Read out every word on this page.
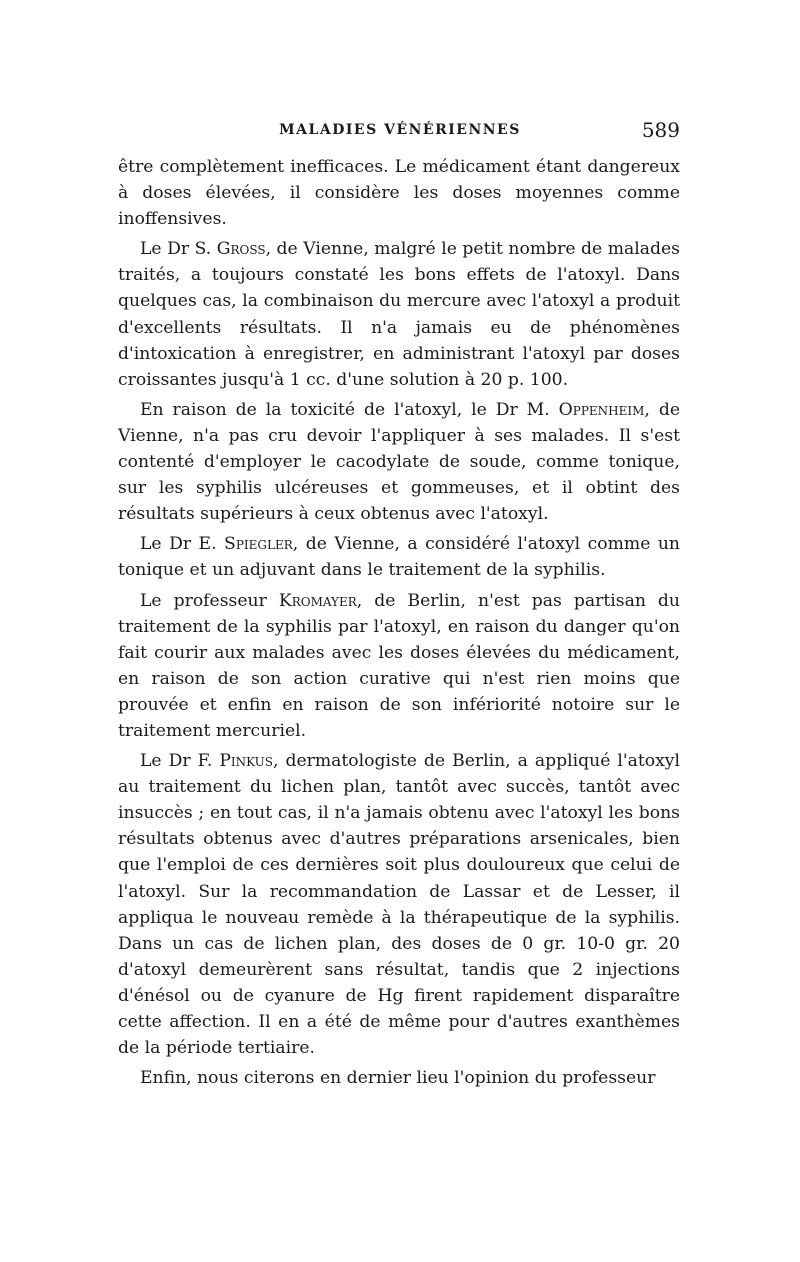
MALADIES VÉNÉRIENNES	589

être complètement inefficaces. Le médicament étant dangereux à doses élevées, il considère les doses moyennes comme inoffensives.

Le Dr S. Gross, de Vienne, malgré le petit nombre de malades traités, a toujours constaté les bons effets de l'atoxyl. Dans quelques cas, la combinaison du mercure avec l'atoxyl a produit d'excellents résultats. Il n'a jamais eu de phénomènes d'intoxication à enregistrer, en administrant l'atoxyl par doses croissantes jusqu'à 1 cc. d'une solution à 20 p. 100.

En raison de la toxicité de l'atoxyl, le Dr M. Oppenheim, de Vienne, n'a pas cru devoir l'appliquer à ses malades. Il s'est contenté d'employer le cacodylate de soude, comme tonique, sur les syphilis ulcéreuses et gommeuses, et il obtint des résultats supérieurs à ceux obtenus avec l'atoxyl.

Le Dr E. Spiegler, de Vienne, a considéré l'atoxyl comme un tonique et un adjuvant dans le traitement de la syphilis.

Le professeur Kromayer, de Berlin, n'est pas partisan du traitement de la syphilis par l'atoxyl, en raison du danger qu'on fait courir aux malades avec les doses élevées du médicament, en raison de son action curative qui n'est rien moins que prouvée et enfin en raison de son infériorité notoire sur le traitement mercuriel.

Le Dr F. Pinkus, dermatologiste de Berlin, a appliqué l'atoxyl au traitement du lichen plan, tantôt avec succès, tantôt avec insuccès ; en tout cas, il n'a jamais obtenu avec l'atoxyl les bons résultats obtenus avec d'autres préparations arsenicales, bien que l'emploi de ces dernières soit plus douloureux que celui de l'atoxyl. Sur la recommandation de Lassar et de Lesser, il appliqua le nouveau remède à la thérapeutique de la syphilis. Dans un cas de lichen plan, des doses de 0 gr. 10-0 gr. 20 d'atoxyl demeurèrent sans résultat, tandis que 2 injections d'énésol ou de cyanure de Hg firent rapidement disparaître cette affection. Il en a été de même pour d'autres exanthèmes de la période tertiaire.

Enfin, nous citerons en dernier lieu l'opinion du professeur
